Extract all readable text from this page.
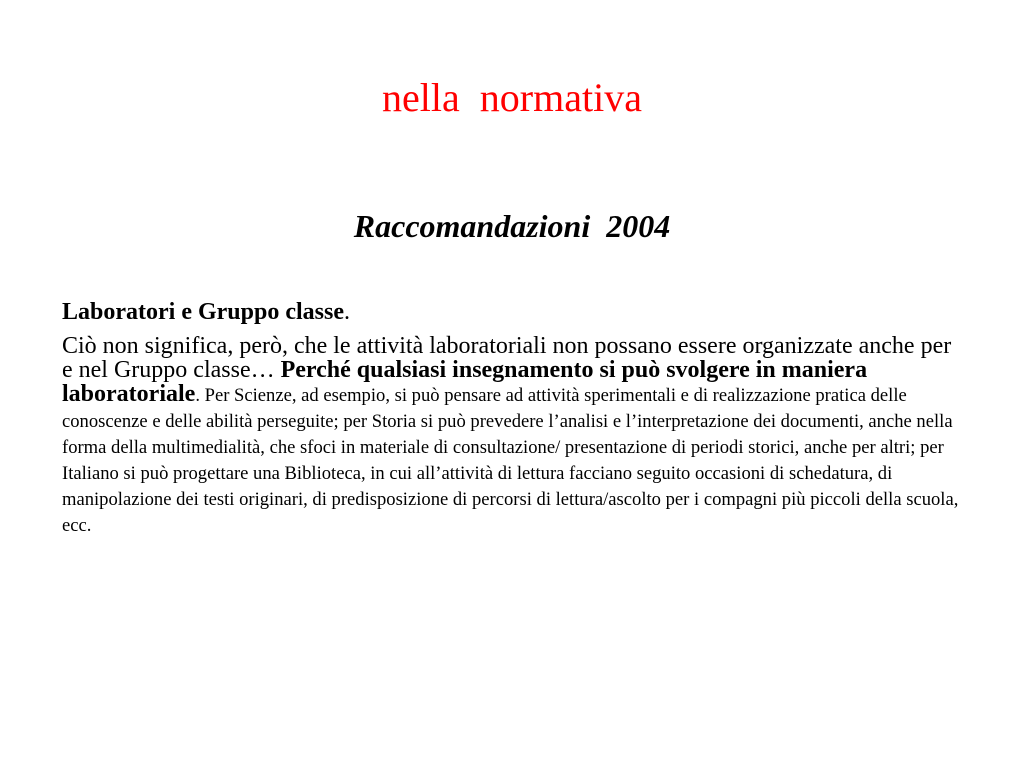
nella  normativa
Raccomandazioni  2004

Laboratori e Gruppo classe.

Ciò non significa, però, che le attività laboratoriali non possano essere organizzate anche per e nel Gruppo classe… Perché qualsiasi insegnamento si può svolgere in maniera laboratoriale. Per Scienze, ad esempio, si può pensare ad attività sperimentali e di realizzazione pratica delle conoscenze e delle abilità perseguite; per Storia si può prevedere l’analisi e l’interpretazione dei documenti, anche nella forma della multimedialità, che sfoci in materiale di consultazione/ presentazione di periodi storici, anche per altri; per Italiano si può progettare una Biblioteca, in cui all’attività di lettura facciano seguito occasioni di schedatura, di manipolazione dei testi originari, di predisposizione di percorsi di lettura/ascolto per i compagni più piccoli della scuola, ecc.
